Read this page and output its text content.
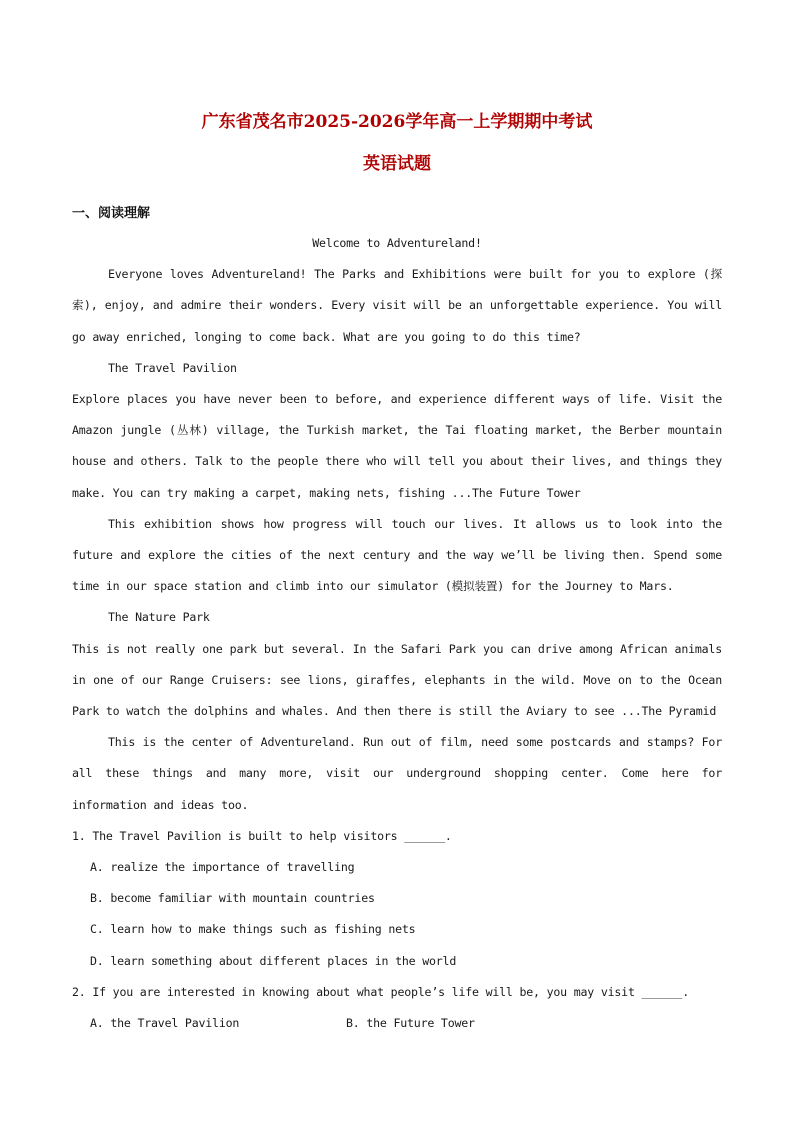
广东省茂名市2025-2026学年高一上学期期中考试
英语试题
一、阅读理解

Welcome to Adventureland!

Everyone loves Adventureland! The Parks and Exhibitions were built for you to explore (探索), enjoy, and admire their wonders. Every visit will be an unforgettable experience. You will go away enriched, longing to come back. What are you going to do this time?

The Travel Pavilion

Explore places you have never been to before, and experience different ways of life. Visit the Amazon jungle (丛林) village, the Turkish market, the Tai floating market, the Berber mountain house and others. Talk to the people there who will tell you about their lives, and things they make. You can try making a carpet, making nets, fishing ...The Future Tower

This exhibition shows how progress will touch our lives. It allows us to look into the future and explore the cities of the next century and the way we’ll be living then. Spend some time in our space station and climb into our simulator (模拟装置) for the Journey to Mars.

The Nature Park

This is not really one park but several. In the Safari Park you can drive among African animals in one of our Range Cruisers: see lions, giraffes, elephants in the wild. Move on to the Ocean Park to watch the dolphins and whales. And then there is still the Aviary to see ...The Pyramid

This is the center of Adventureland. Run out of film, need some postcards and stamps? For all these things and many more, visit our underground shopping center. Come here for information and ideas too.

1. The Travel Pavilion is built to help visitors ______.

A. realize the importance of travelling

B. become familiar with mountain countries

C. learn how to make things such as fishing nets

D. learn something about different places in the world

2. If you are interested in knowing about what people’s life will be, you may visit ______.

A. the Travel Pavilion	B. the Future Tower
